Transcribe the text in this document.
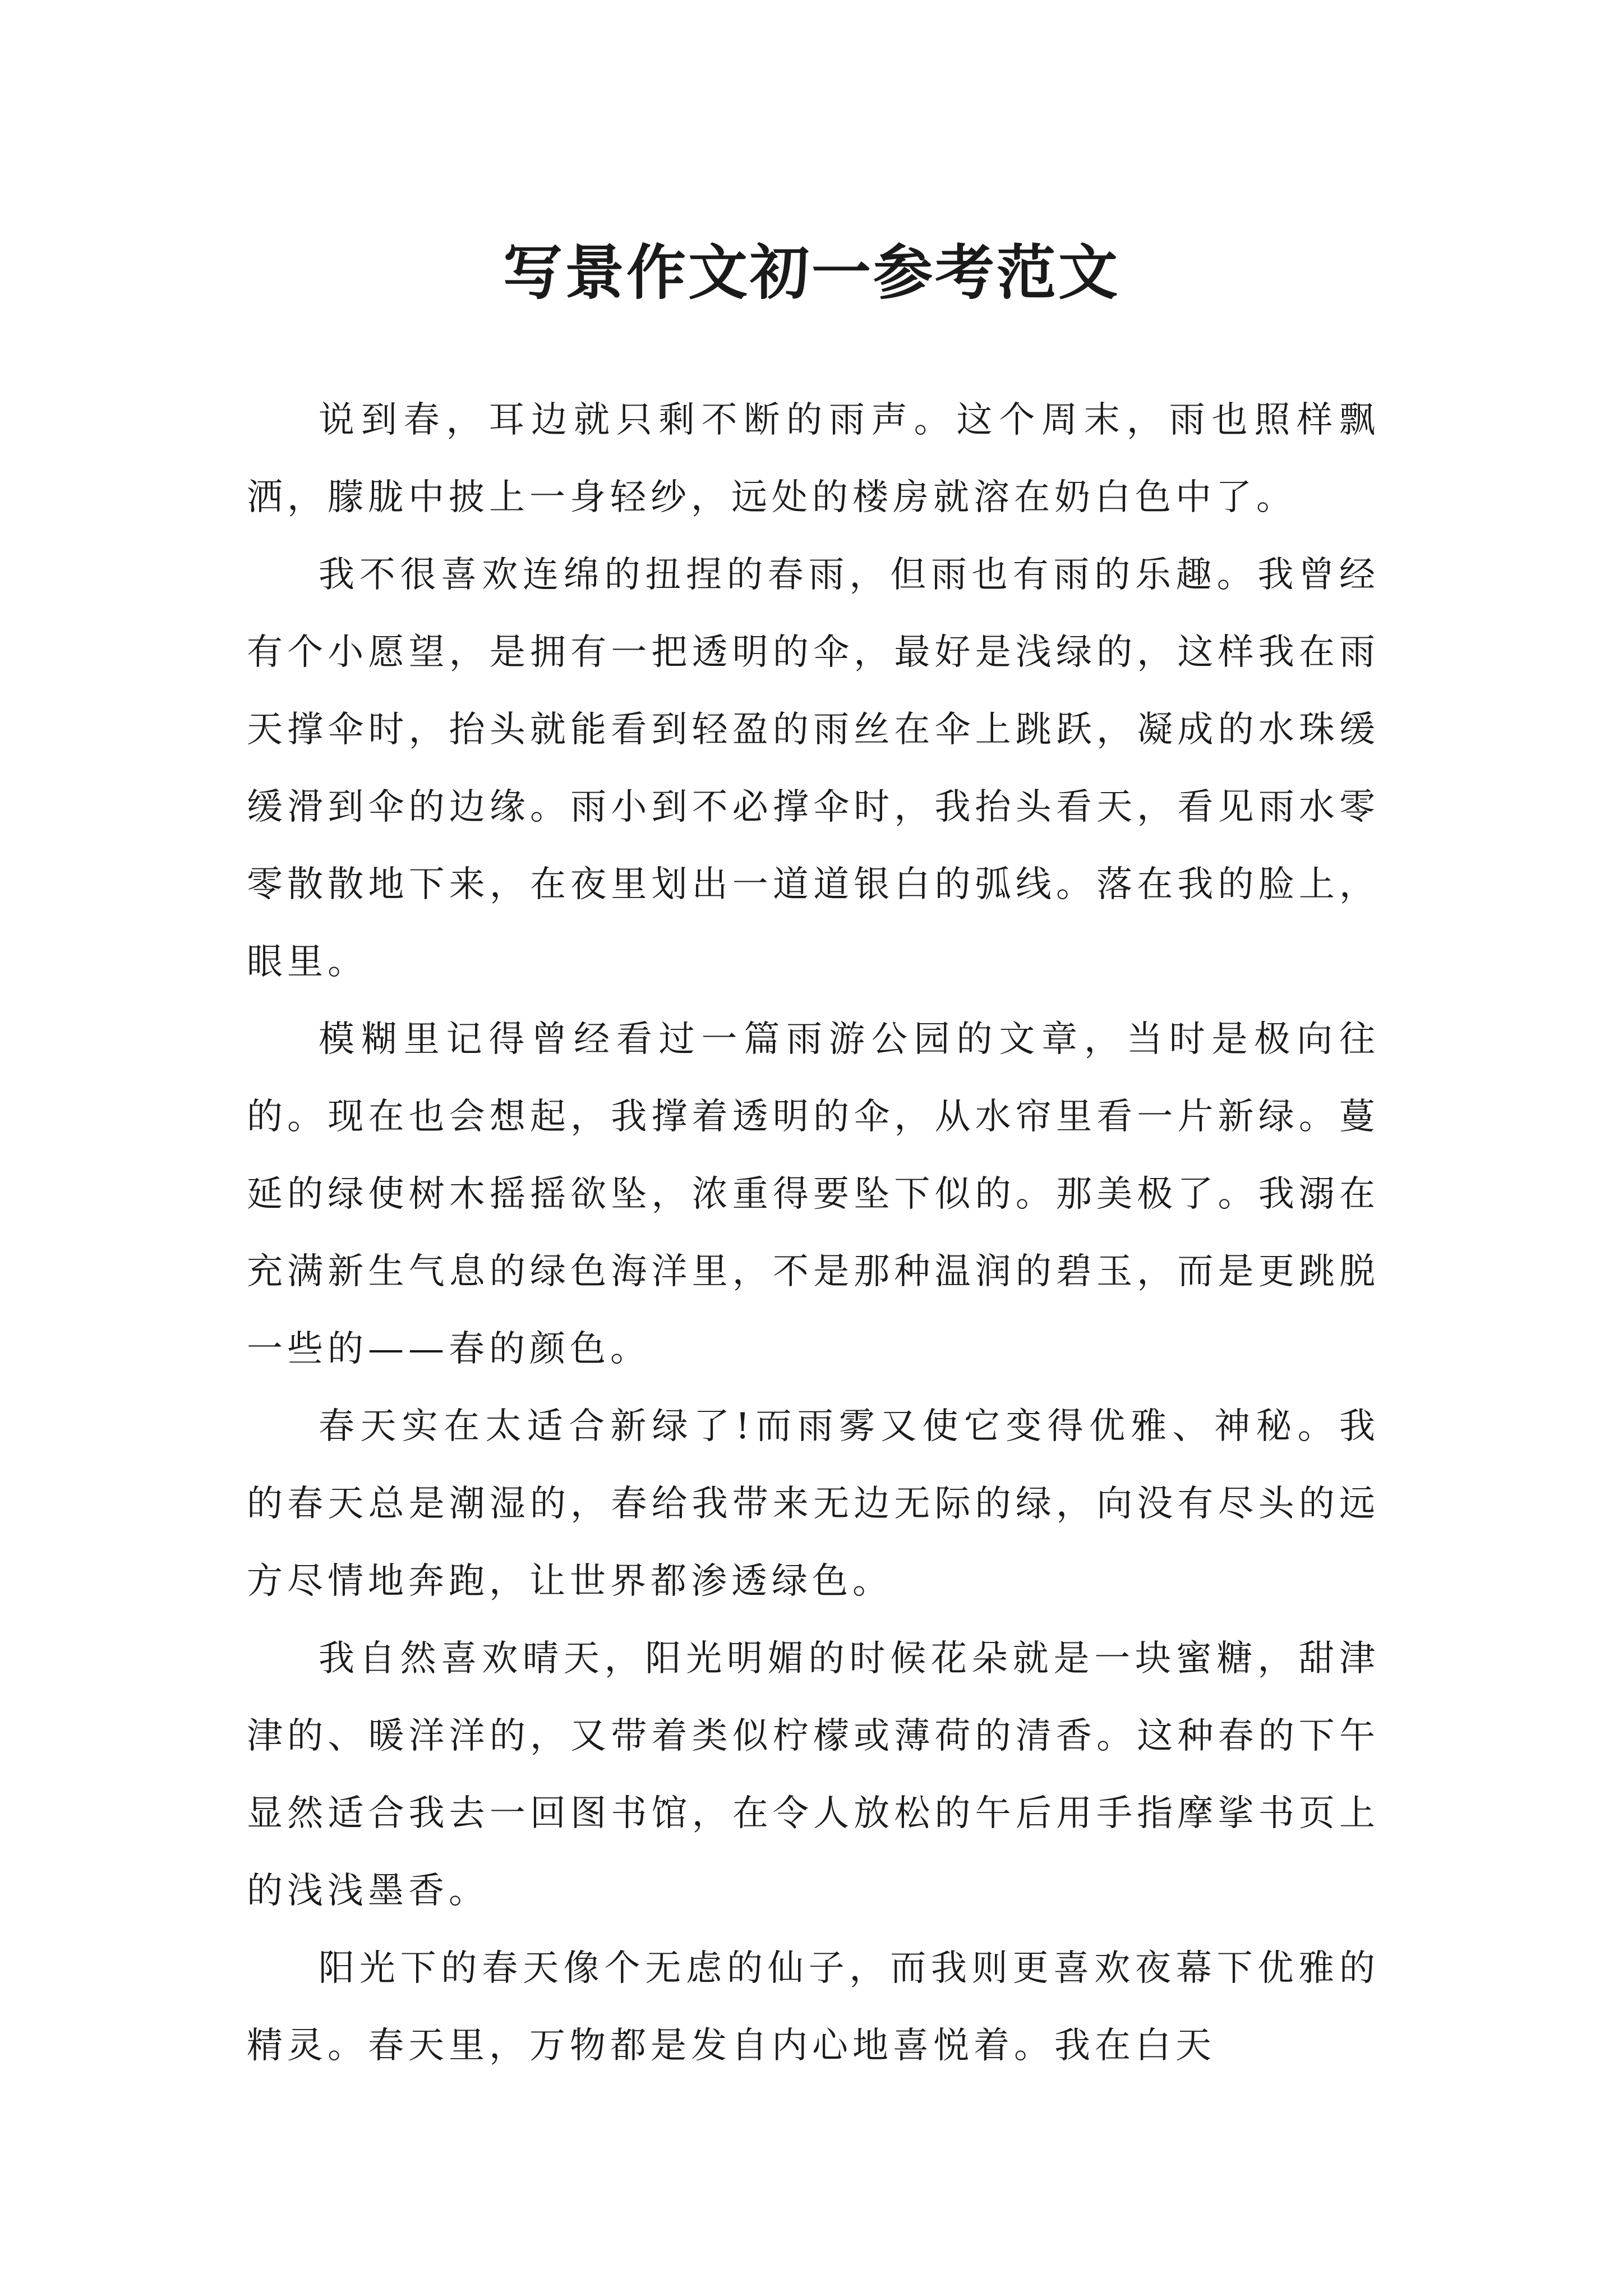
写景作文初一参考范文

说到春，耳边就只剩不断的雨声。这个周末，雨也照样飘洒，朦胧中披上一身轻纱，远处的楼房就溶在奶白色中了。

我不很喜欢连绵的扭捏的春雨，但雨也有雨的乐趣。我曾经有个小愿望，是拥有一把透明的伞，最好是浅绿的，这样我在雨天撑伞时，抬头就能看到轻盈的雨丝在伞上跳跃，凝成的水珠缓缓滑到伞的边缘。雨小到不必撑伞时，我抬头看天，看见雨水零零散散地下来，在夜里划出一道道银白的弧线。落在我的脸上，眼里。

模糊里记得曾经看过一篇雨游公园的文章，当时是极向往的。现在也会想起，我撑着透明的伞，从水帘里看一片新绿。蔓延的绿使树木摇摇欲坠，浓重得要坠下似的。那美极了。我溺在充满新生气息的绿色海洋里，不是那种温润的碧玉，而是更跳脱一些的——春的颜色。

春天实在太适合新绿了!而雨雾又使它变得优雅、神秘。我的春天总是潮湿的，春给我带来无边无际的绿，向没有尽头的远方尽情地奔跑，让世界都渗透绿色。

我自然喜欢晴天，阳光明媚的时候花朵就是一块蜜糖，甜津津的、暖洋洋的，又带着类似柠檬或薄荷的清香。这种春的下午显然适合我去一回图书馆，在令人放松的午后用手指摩挲书页上的浅浅墨香。

阳光下的春天像个无虑的仙子，而我则更喜欢夜幕下优雅的精灵。春天里，万物都是发自内心地喜悦着。我在白天
